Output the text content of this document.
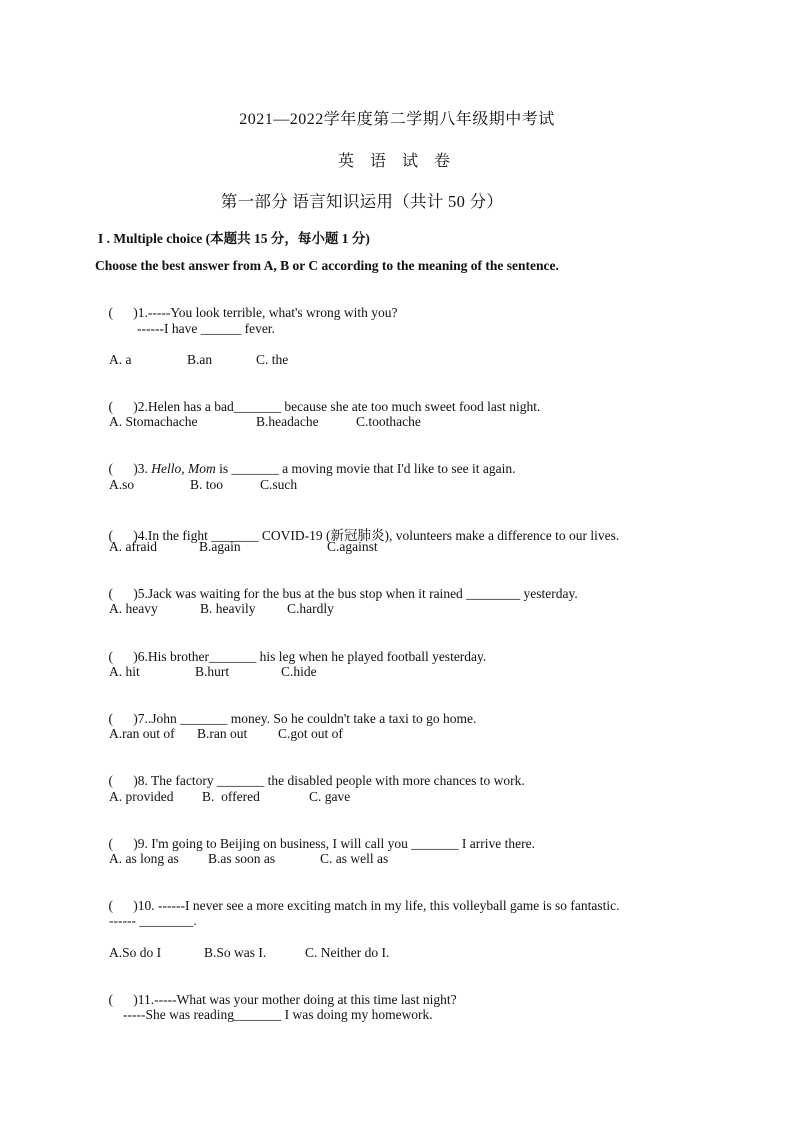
2021—2022学年度第二学期八年级期中考试
英 语 试 卷
第一部分 语言知识运用（共计 50 分）
I . Multiple choice (本题共 15 分，每小题 1 分)
Choose the best answer from A, B or C according to the meaning of the sentence.

(      )1.-----You look terrible, what's wrong with you?

------I have ______ fever.
A. a	B.an	C. the

(      )2.Helen has a bad_______ because she ate too much sweet food last night.

A. Stomachache	B.headache	C.toothache

(      )3. Hello, Mom is _______ a moving movie that I'd like to see it again.

A.so	B. too	C.such

(      )4.In the fight _______ COVID-19 (新冠肺炎), volunteers make a difference to our lives.

A. afraid	B.again	C.against

(      )5.Jack was waiting for the bus at the bus stop when it rained ________ yesterday.

A. heavy	B. heavily C.hardly

(      )6.His brother_______ his leg when he played football yesterday.

A. hit	B.hurt	C.hide

(      )7..John _______ money. So he couldn't take a taxi to go home.

A.ran out of B.ran out C.got out of

(      )8. The factory _______ the disabled people with more chances to work.

A. provided B.  offered	C. gave

(      )9. I'm going to Beijing on business, I will call you _______ I arrive there.

A. as long as B.as soon as	C. as well as

(      )10. ------I never see a more exciting match in my life, this volleyball game is so fantastic.

------ ________.
A.So do I	B.So was I.	C. Neither do I.

(      )11.-----What was your mother doing at this time last night?

-----She was reading_______ I was doing my homework.
